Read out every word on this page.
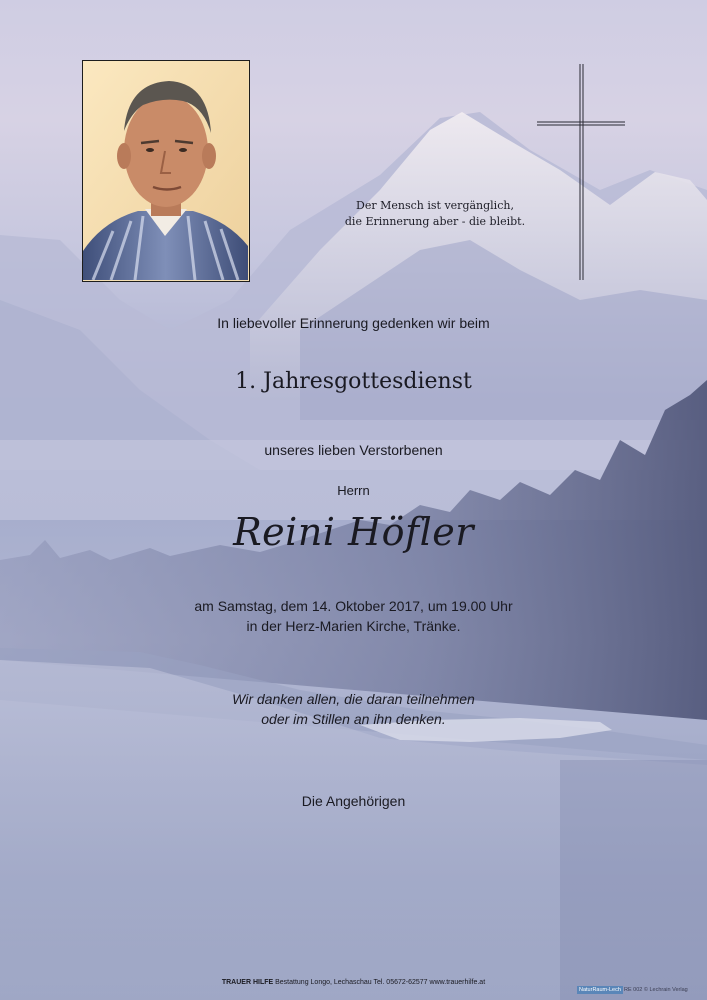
Der Mensch ist vergänglich,
die Erinnerung aber - die bleibt.
In liebevoller Erinnerung gedenken wir beim
1. Jahresgottesdienst
unseres lieben Verstorbenen
Herrn
Reini Höfler
am Samstag, dem 14. Oktober 2017, um 19.00 Uhr
in der Herz-Marien Kirche, Tränke.
Wir danken allen, die daran teilnehmen
oder im Stillen an ihn denken.
Die Angehörigen
TRAUER HILFE Bestattung Longo, Lechaschau Tel. 05672-62577 www.trauerhilfe.at
NaturRaum-Lech RE 002 © Lechrain Verlag
